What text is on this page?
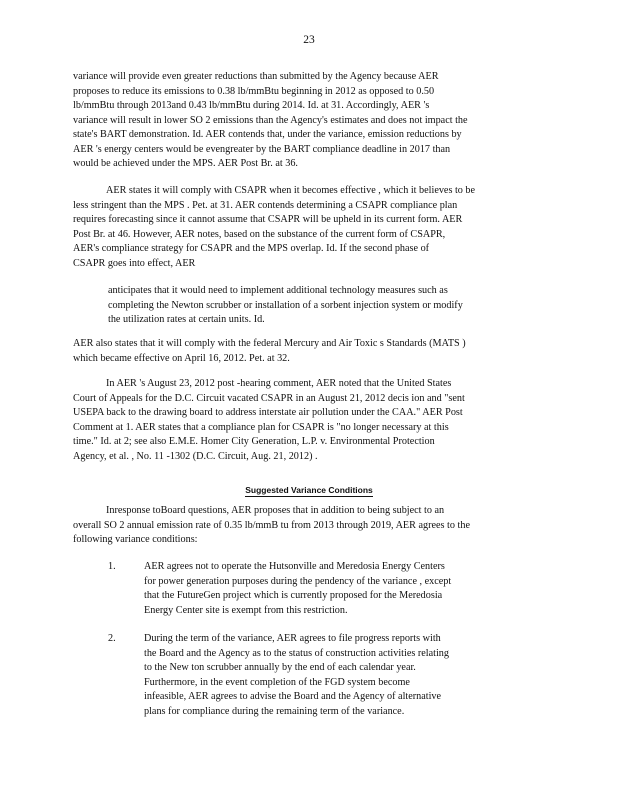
23
variance will provide even greater reductions than submitted by the Agency because AER
proposes to reduce its emissions to 0.38 lb/mmBtu beginning in 2012 as opposed to 0.50
lb/mmBtu through 2013and 0.43 lb/mmBtu during 2014. Id. at 31. Accordingly, AER 's
variance will result in lower SO 2 emissions than the Agency's estimates and does not impact the
state's BART demonstration. Id. AER contends that, under the variance, emission reductions by
AER 's energy centers would be evengreater by the BART compliance deadline in 2017 than
would be achieved under the MPS. AER Post Br. at 36.
AER states it will comply with CSAPR when it becomes effective , which it believes to be
less stringent than the MPS . Pet. at 31. AER contends determining a CSAPR compliance plan
requires forecasting since it cannot assume that CSAPR will be upheld in its current form. AER
Post Br. at 46. However, AER notes, based on the substance of the current form of CSAPR,
AER's compliance strategy for CSAPR and the MPS overlap. Id. If the second phase of
CSAPR goes into effect, AER
anticipates that it would need to implement additional technology measures such as
completing the Newton scrubber or installation of a sorbent injection system or modify
the utilization rates at certain units. Id.
AER also states that it will comply with the federal Mercury and Air Toxic s Standards (MATS )
which became effective on April 16, 2012. Pet. at 32.
In AER 's August 23, 2012 post -hearing comment, AER noted that the United States
Court of Appeals for the D.C. Circuit vacated CSAPR in an August 21, 2012 decis ion and "sent
USEPA back to the drawing board to address interstate air pollution under the CAA." AER Post
Comment at 1. AER states that a compliance plan for CSAPR is "no longer necessary at this
time." Id. at 2; see also E.M.E. Homer City Generation, L.P. v. Environmental Protection
Agency, et al. , No. 11 -1302 (D.C. Circuit, Aug. 21, 2012) .
Suggested Variance Conditions
Inresponse toBoard questions, AER proposes that in addition to being subject to an
overall SO 2 annual emission rate of 0.35 lb/mmB tu from 2013 through 2019, AER agrees to the
following variance conditions:
1.	AER agrees not to operate the Hutsonville and Meredosia Energy Centers
for power generation purposes during the pendency of the variance , except
that the FutureGen project which is currently proposed for the Meredosia
Energy Center site is exempt from this restriction.
2.	During the term of the variance, AER agrees to file progress reports with
the Board and the Agency as to the status of construction activities relating
to the New ton scrubber annually by the end of each calendar year.
Furthermore, in the event completion of the FGD system become
infeasible, AER agrees to advise the Board and the Agency of alternative
plans for compliance during the remaining term of the variance.
